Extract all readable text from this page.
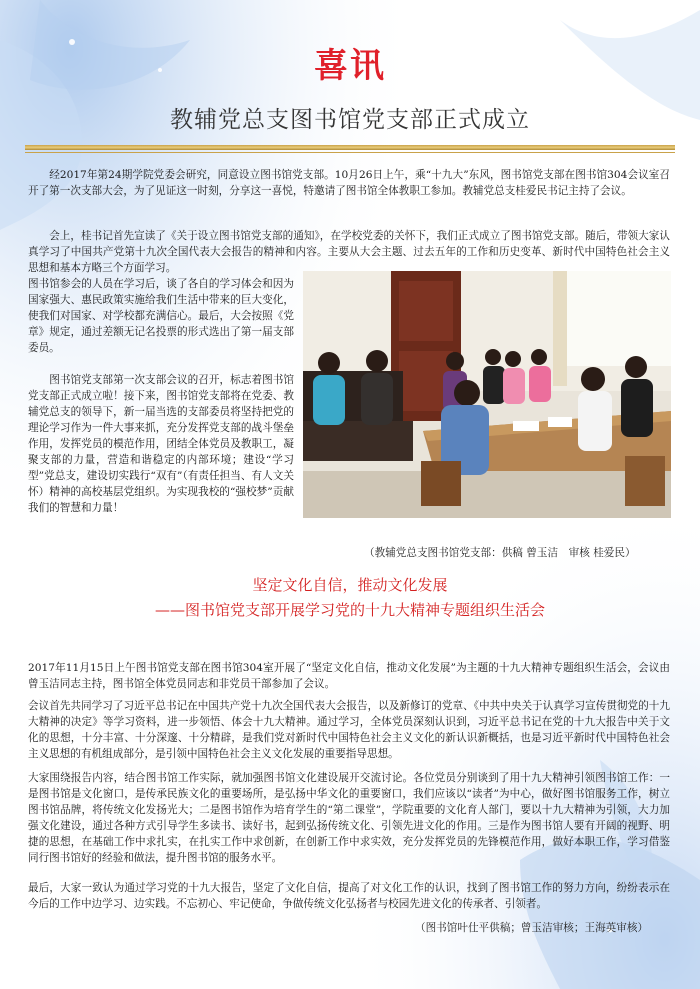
喜讯
教辅党总支图书馆党支部正式成立

经2017年第24期学院党委会研究，同意设立图书馆党支部。10月26日上午，乘“十九大”东风，图书馆党支部在图书馆304会议室召开了第一次支部大会，为了见证这一时刻，分享这一喜悦，特邀请了图书馆全体教职工参加。教辅党总支桂爱民书记主持了会议。

会上，桂书记首先宣读了《关于设立图书馆党支部的通知》，在学校党委的关怀下，我们正式成立了图书馆党支部。随后，带领大家认真学习了中国共产党第十九次全国代表大会报告的精神和内容。主要从大会主题、过去五年的工作和历史变革、新时代中国特色社会主义思想和基本方略三个方面学习。

图书馆参会的人员在学习后，谈了各自的学习体会和因为国家强大、惠民政策实施给我们生活中带来的巨大变化，使我们对国家、对学校都充满信心。最后，大会按照《党章》规定，通过差额无记名投票的形式选出了第一届支部委员。

图书馆党支部第一次支部会议的召开，标志着图书馆党支部正式成立啦！接下来，图书馆党支部将在党委、教辅党总支的领导下，新一届当选的支部委员将坚持把党的理论学习作为一件大事来抓，充分发挥党支部的战斗堡垒作用，发挥党员的模范作用，团结全体党员及教职工，凝聚支部的力量，营造和谐稳定的内部环境；建设“学习型”党总支，建设切实践行“双有”（有责任担当、有人文关怀）精神的高校基层党组织。为实现我校的“强校梦”贡献我们的智慧和力量！

（教辅党总支图书馆党支部：供稿 曾玉洁　审核 桂爱民）
坚定文化自信，推动文化发展
——图书馆党支部开展学习党的十九大精神专题组织生活会

2017年11月15日上午图书馆党支部在图书馆304室开展了“坚定文化自信，推动文化发展”为主题的十九大精神专题组织生活会，会议由曾玉洁同志主持，图书馆全体党员同志和非党员干部参加了会议。

会议首先共同学习了习近平总书记在中国共产党十九次全国代表大会报告，以及新修订的党章、《中共中央关于认真学习宣传贯彻党的十九大精神的决定》等学习资料，进一步领悟、体会十九大精神。通过学习，全体党员深刻认识到，习近平总书记在党的十九大报告中关于文化的思想，十分丰富、十分深邃、十分精辟，是我们党对新时代中国特色社会主义文化的新认识新概括，也是习近平新时代中国特色社会主义思想的有机组成部分，是引领中国特色社会主义文化发展的重要指导思想。

大家围绕报告内容，结合图书馆工作实际，就加强图书馆文化建设展开交流讨论。各位党员分别谈到了用十九大精神引领图书馆工作：一是图书馆是文化窗口，是传承民族文化的重要场所，是弘扬中华文化的重要窗口，我们应该以“读者”为中心，做好图书馆服务工作，树立图书馆品牌，将传统文化发扬光大；二是图书馆作为培育学生的“第二课堂”，学院重要的文化育人部门，要以十九大精神为引领，大力加强文化建设，通过各种方式引导学生多读书、读好书，起到弘扬传统文化、引领先进文化的作用。三是作为图书馆人要有开阔的视野、明捷的思想，在基础工作中求扎实，在扎实工作中求创新，在创新工作中求实效，充分发挥党员的先锋模范作用，做好本职工作，学习借鉴同行图书馆好的经验和做法，提升图书馆的服务水平。

最后，大家一致认为通过学习党的十九大报告，坚定了文化自信，提高了对文化工作的认识，找到了图书馆工作的努力方向，纷纷表示在今后的工作中边学习、边实践。不忘初心、牢记使命，争做传统文化弘扬者与校园先进文化的传承者、引领者。

（图书馆叶仕平供稿；曾玉洁审核；王海英审核）
